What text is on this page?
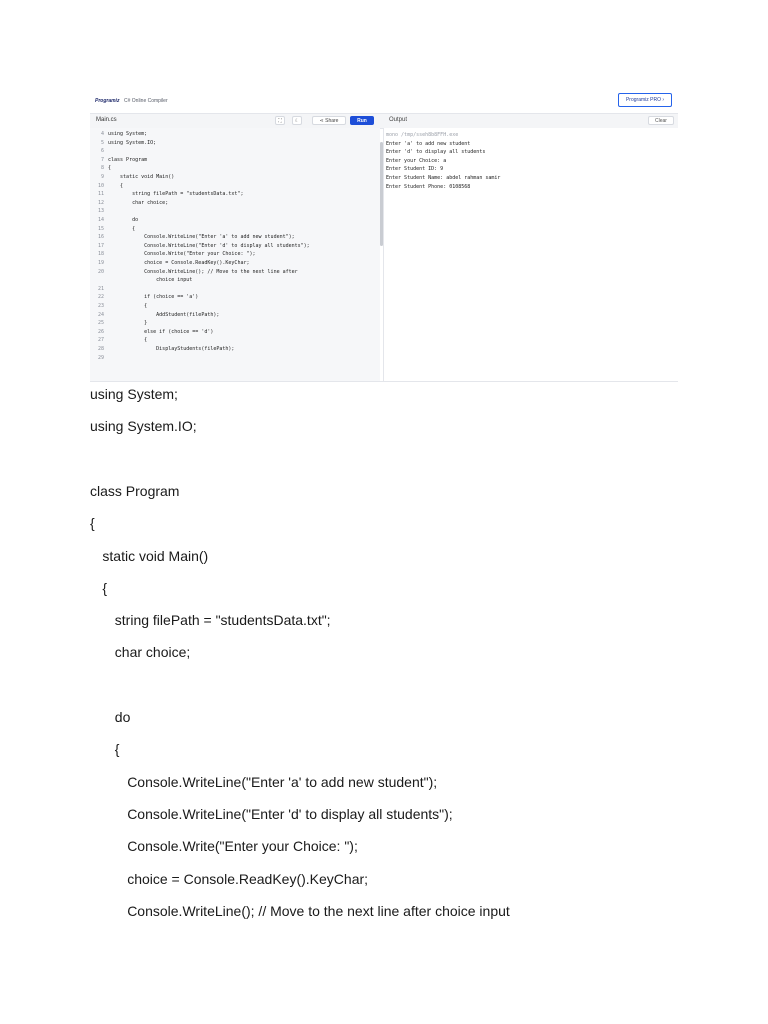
Programiz C# Online Compiler	Programiz PRO ›
Main.cs	⛶	☾	⋖ Share	Run	Output	Clear
4 using System;
5 using System.IO;
6
7 class Program
8 {
9    static void Main()
10    {
11        string filePath = "studentsData.txt";
12        char choice;
13
14        do
15        {
16            Console.WriteLine("Enter 'a' to add new student");
17            Console.WriteLine("Enter 'd' to display all students");
18            Console.Write("Enter your Choice: ");
19            choice = Console.ReadKey().KeyChar;
20            Console.WriteLine(); // Move to the next line after
choice input
21
22            if (choice == 'a')
23            {
24                AddStudent(filePath);
25            }
26            else if (choice == 'd')
27            {
28                DisplayStudents(filePath);
29
mono /tmp/sseh8b8FFH.exe
Enter 'a' to add new student
Enter 'd' to display all students
Enter your Choice: a
Enter Student ID: 9
Enter Student Name: abdel rahman samir
Enter Student Phone: 0108568
using System;
using System.IO;
class Program
{
static void Main()
{
string filePath = "studentsData.txt";
char choice;
do
{
Console.WriteLine("Enter 'a' to add new student");
Console.WriteLine("Enter 'd' to display all students");
Console.Write("Enter your Choice: ");
choice = Console.ReadKey().KeyChar;
Console.WriteLine(); // Move to the next line after choice input
